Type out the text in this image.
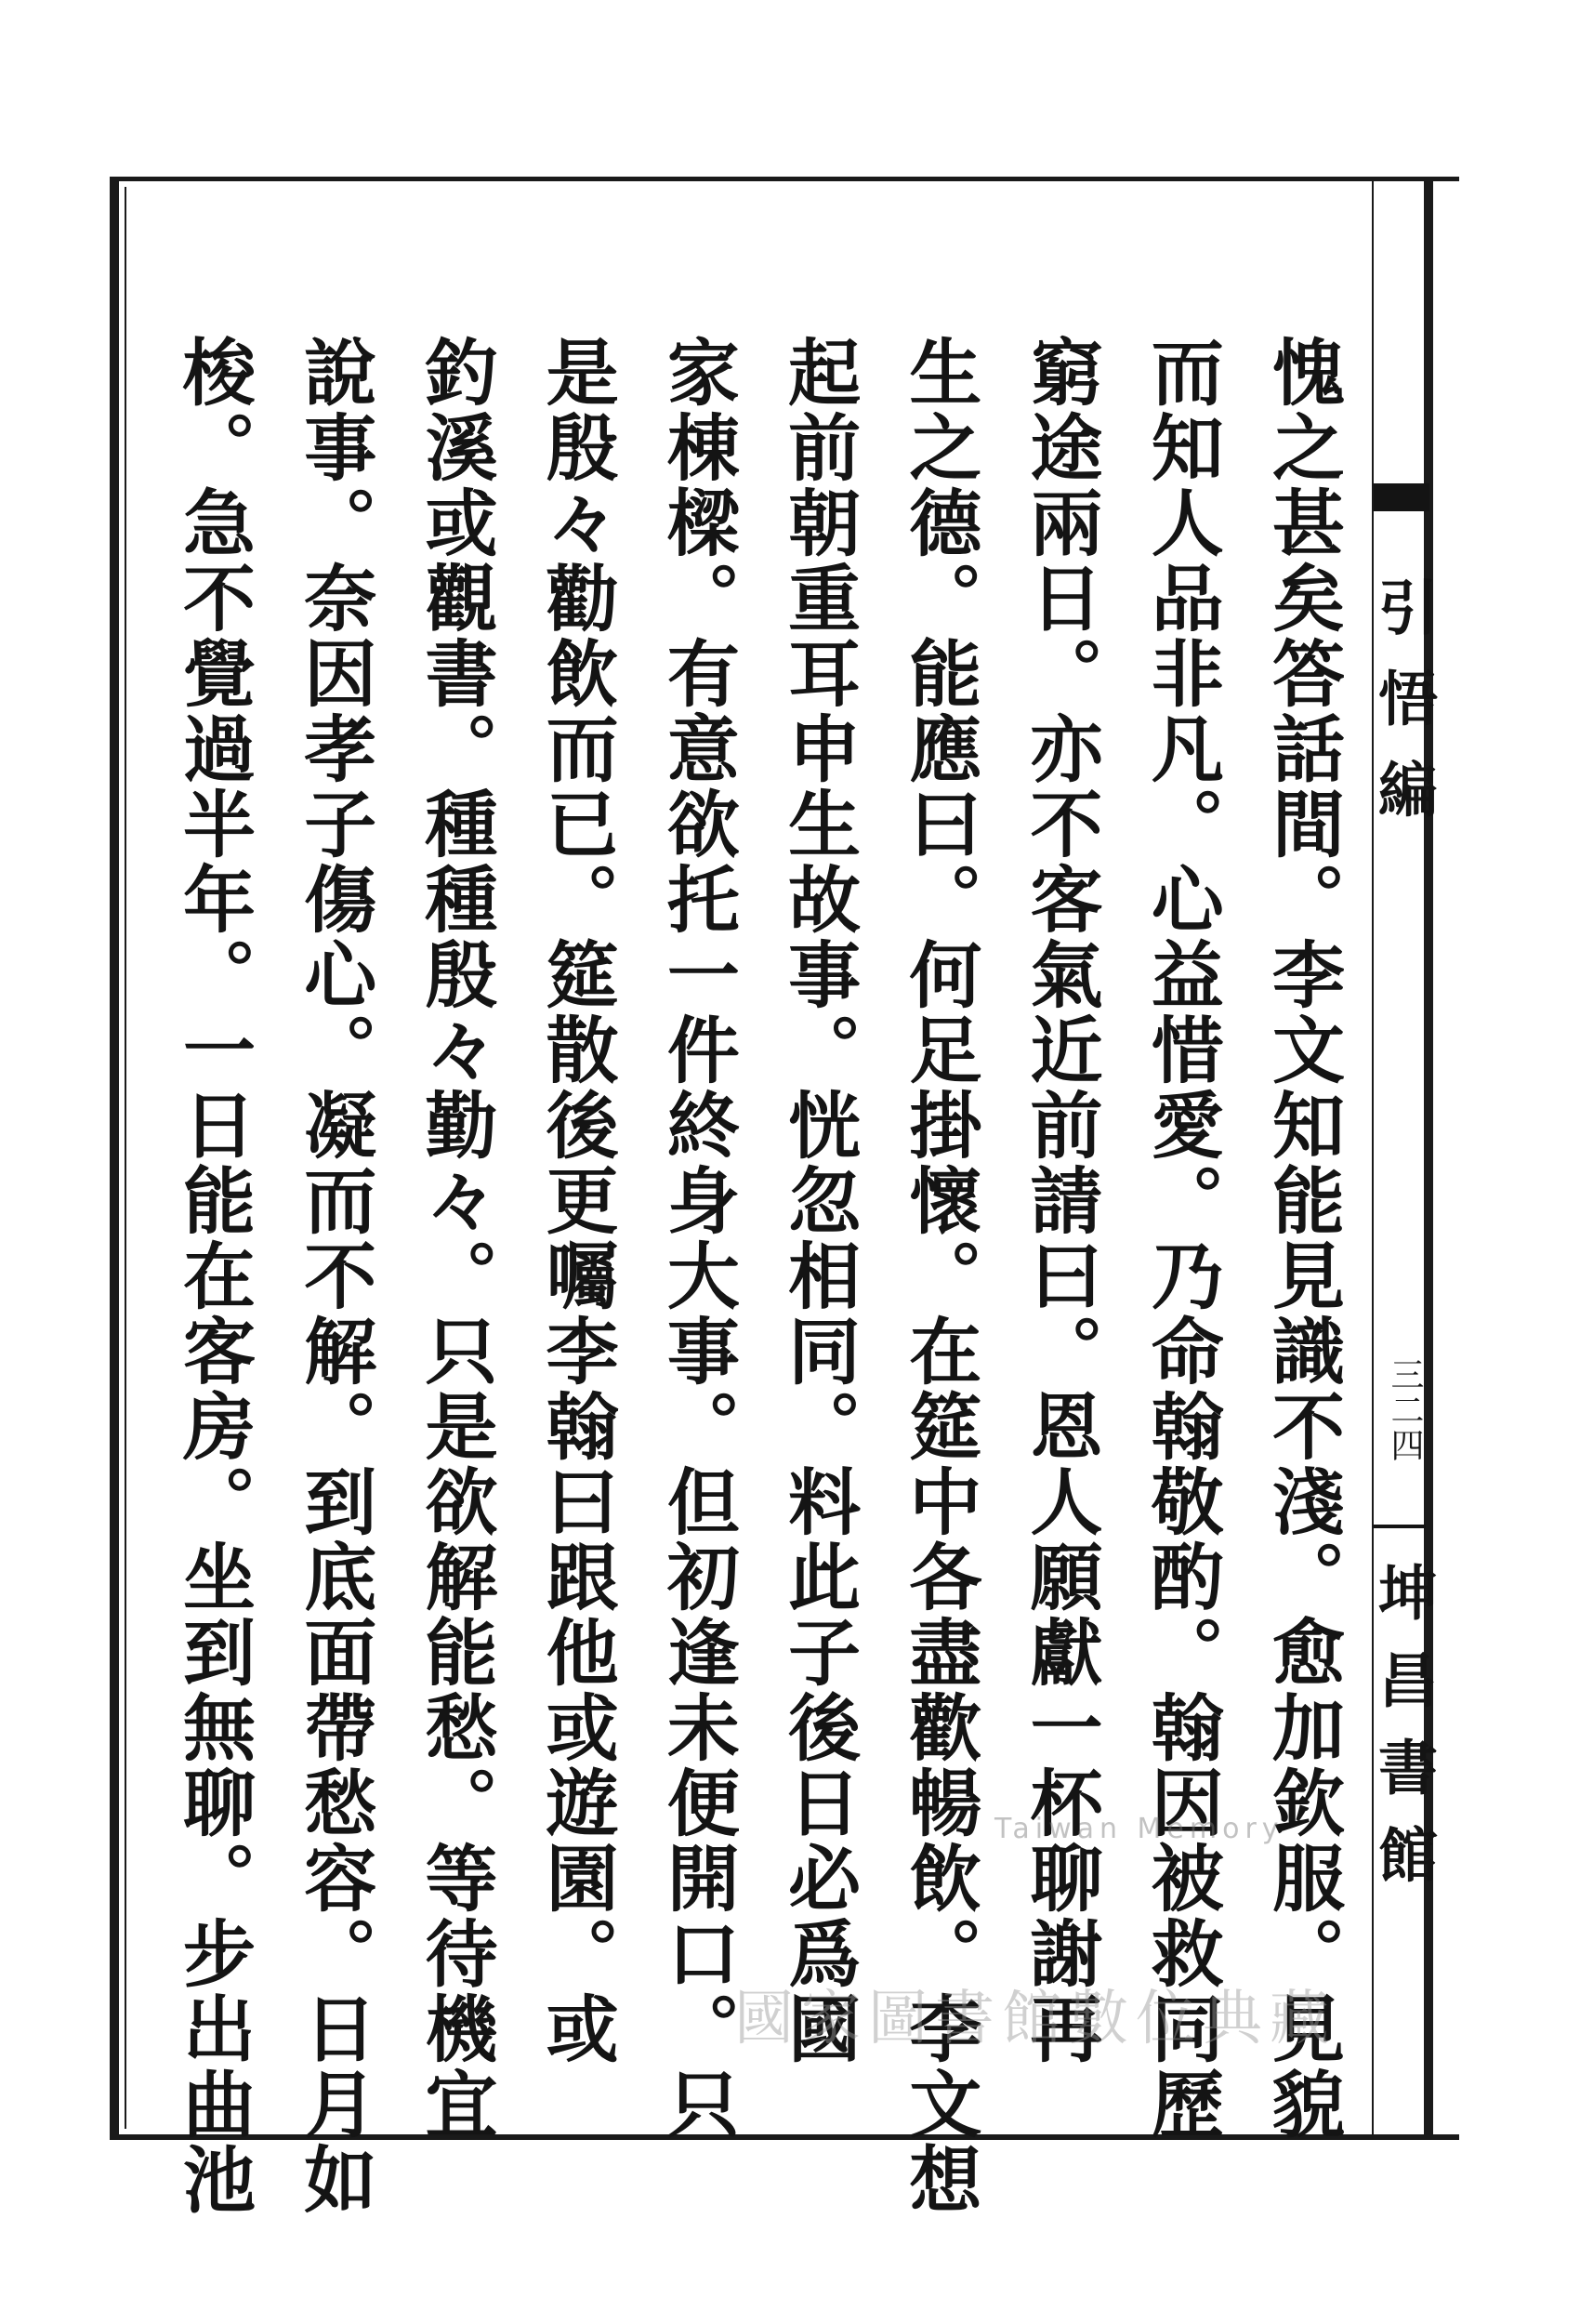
引悟編
三二四
坤昌書館
愧之甚矣答話間。李文知能見識不淺。愈加欽服。見貌
而知人品非凡。心益惜愛。乃命翰敬酌。翰因被救同歷
窮途兩日。亦不客氣近前請曰。恩人願獻一杯聊謝再
生之德。能應曰。何足掛懷。在筵中各盡歡暢飲。李文想
起前朝重耳申生故事。恍忽相同。料此子後日必爲國
家棟樑。有意欲托一件終身大事。但初逢未便開口。只
是殷々勸飲而已。筵散後更囑李翰曰跟他或遊園。或
釣溪或觀書。種種殷々勤々。只是欲解能愁。等待機宜
說事。奈因孝子傷心。凝而不解。到底面帶愁容。日月如
梭。急不覺過半年。一日能在客房。坐到無聊。步出曲池	Taiwan Memory
國家圖書館數位典藏
